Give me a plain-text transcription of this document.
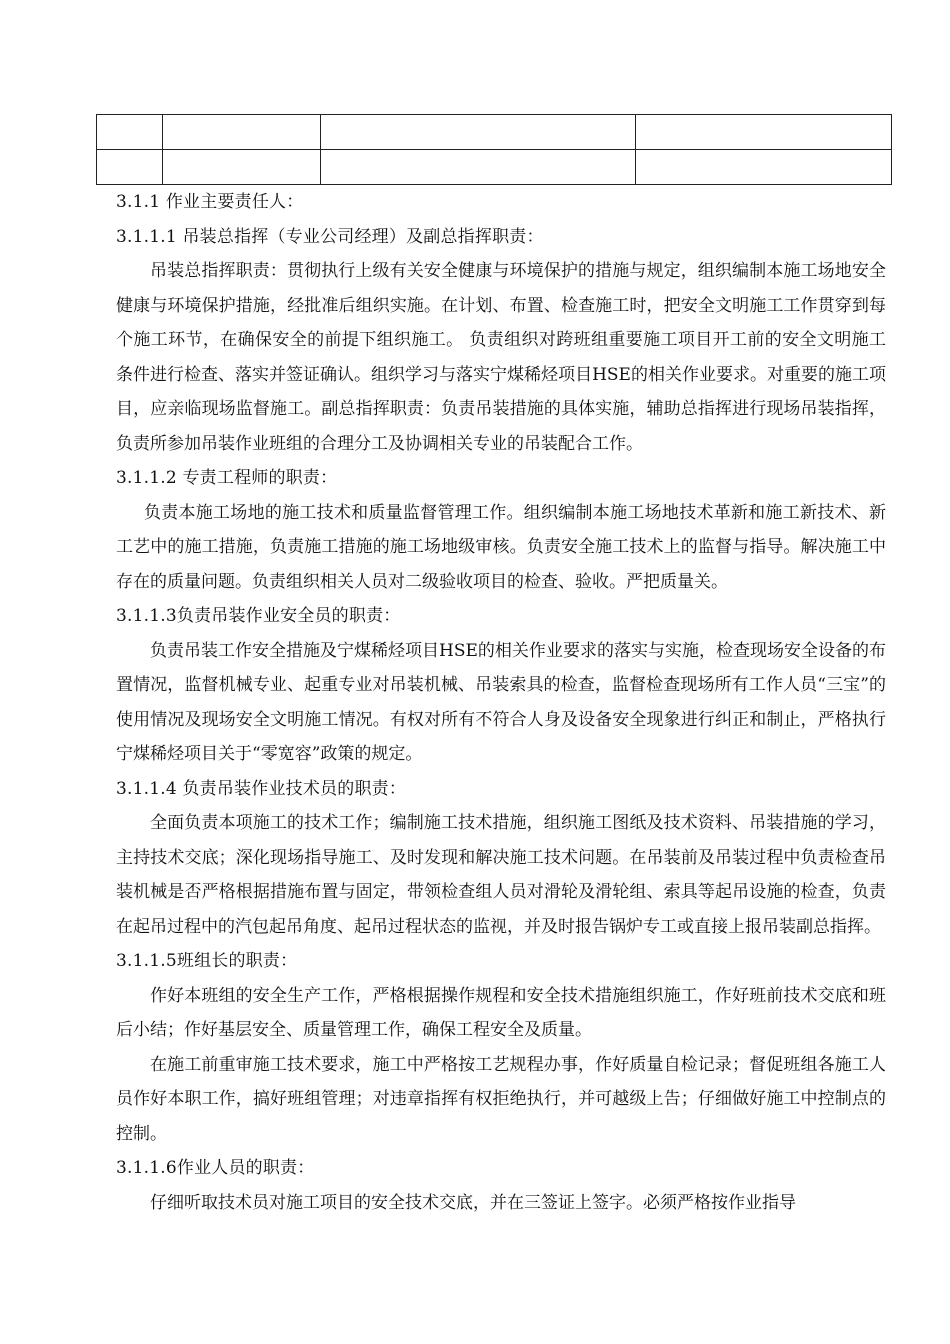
3.1.1 作业主要责任人：

3.1.1.1 吊装总指挥（专业公司经理）及副总指挥职责：

吊装总指挥职责：贯彻执行上级有关安全健康与环境保护的措施与规定，组织编制本施工场地安全健康与环境保护措施，经批准后组织实施。在计划、布置、检查施工时，把安全文明施工工作贯穿到每个施工环节，在确保安全的前提下组织施工。 负责组织对跨班组重要施工项目开工前的安全文明施工条件进行检查、落实并签证确认。组织学习与落实宁煤稀烃项目HSE的相关作业要求。对重要的施工项目，应亲临现场监督施工。副总指挥职责：负责吊装措施的具体实施，辅助总指挥进行现场吊装指挥，负责所参加吊装作业班组的合理分工及协调相关专业的吊装配合工作。

3.1.1.2 专责工程师的职责：

负责本施工场地的施工技术和质量监督管理工作。组织编制本施工场地技术革新和施工新技术、新工艺中的施工措施，负责施工措施的施工场地级审核。负责安全施工技术上的监督与指导。解决施工中存在的质量问题。负责组织相关人员对二级验收项目的检查、验收。严把质量关。

3.1.1.3负责吊装作业安全员的职责：

负责吊装工作安全措施及宁煤稀烃项目HSE的相关作业要求的落实与实施，检查现场安全设备的布置情况，监督机械专业、起重专业对吊装机械、吊装索具的检查，监督检查现场所有工作人员“三宝”的使用情况及现场安全文明施工情况。有权对所有不符合人身及设备安全现象进行纠正和制止，严格执行宁煤稀烃项目关于“零宽容”政策的规定。

3.1.1.4 负责吊装作业技术员的职责：

全面负责本项施工的技术工作；编制施工技术措施，组织施工图纸及技术资料、吊装措施的学习，主持技术交底；深化现场指导施工、及时发现和解决施工技术问题。在吊装前及吊装过程中负责检查吊装机械是否严格根据措施布置与固定，带领检查组人员对滑轮及滑轮组、索具等起吊设施的检查，负责在起吊过程中的汽包起吊角度、起吊过程状态的监视，并及时报告锅炉专工或直接上报吊装副总指挥。

3.1.1.5班组长的职责：

作好本班组的安全生产工作，严格根据操作规程和安全技术措施组织施工，作好班前技术交底和班后小结；作好基层安全、质量管理工作，确保工程安全及质量。

在施工前重审施工技术要求，施工中严格按工艺规程办事，作好质量自检记录；督促班组各施工人员作好本职工作，搞好班组管理；对违章指挥有权拒绝执行，并可越级上告；仔细做好施工中控制点的控制。

3.1.1.6作业人员的职责：

仔细听取技术员对施工项目的安全技术交底，并在三签证上签字。必须严格按作业指导
